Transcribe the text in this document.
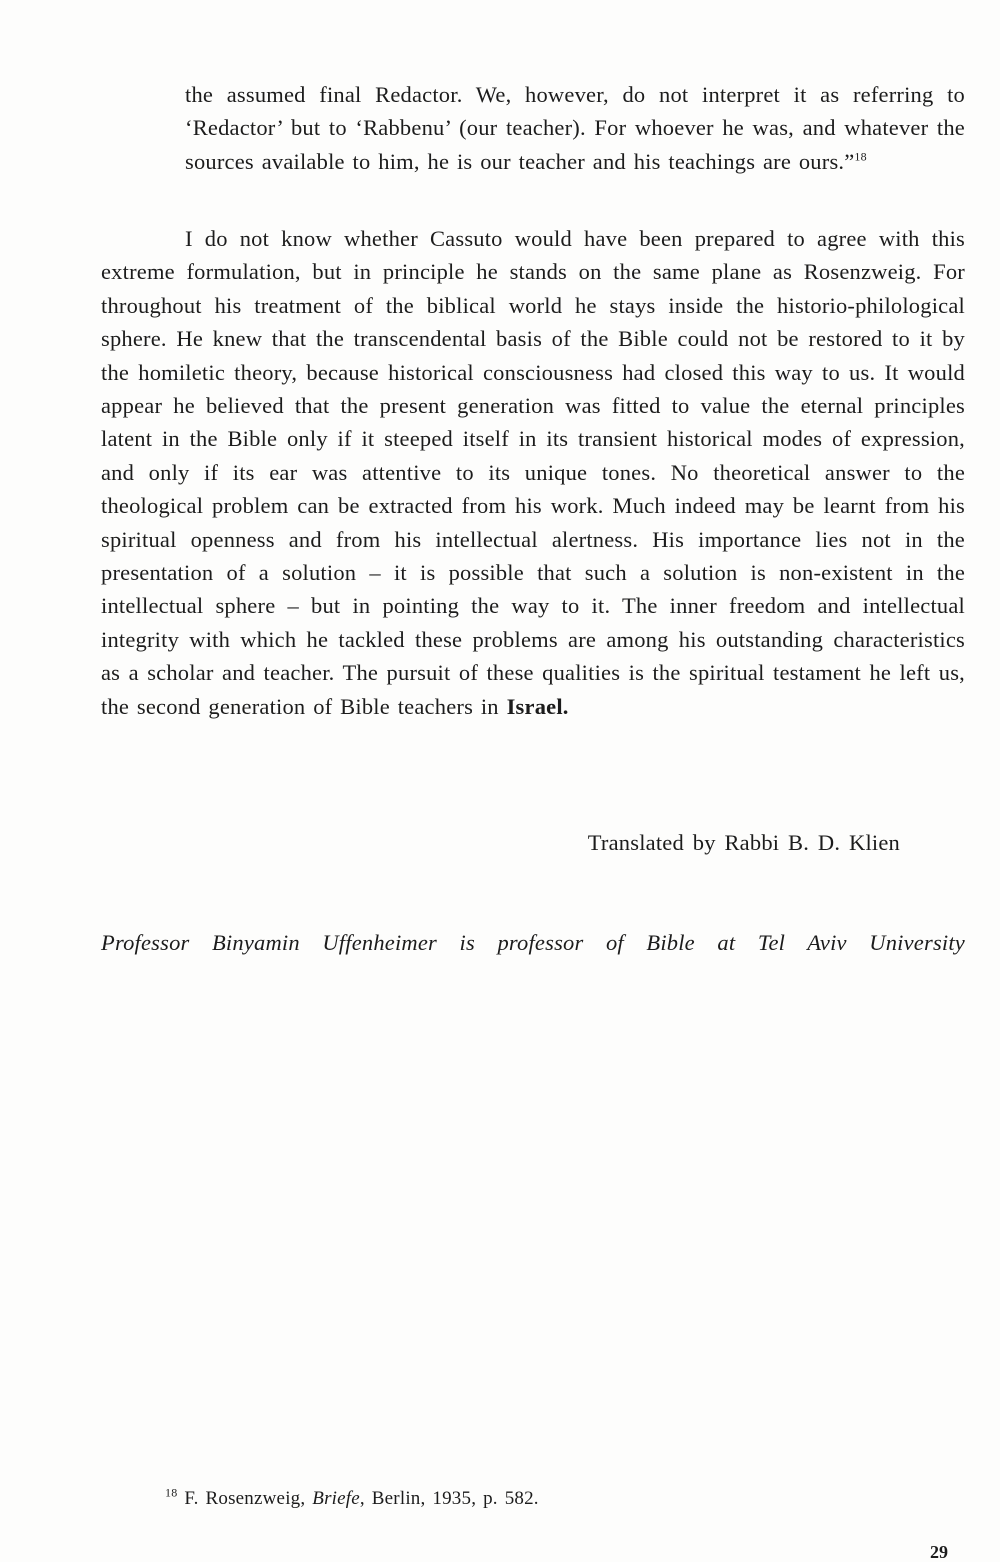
the assumed final Redactor. We, however, do not interpret it as referring to ‘Redactor’ but to ‘Rabbenu’ (our teacher). For whoever he was, and whatever the sources available to him, he is our teacher and his teachings are ours.”$^{18}$

I do not know whether Cassuto would have been prepared to agree with this extreme formulation, but in principle he stands on the same plane as Rosenzweig. For throughout his treatment of the biblical world he stays inside the historio-philological sphere. He knew that the transcendental basis of the Bible could not be restored to it by the homiletic theory, because historical consciousness had closed this way to us. It would appear he believed that the present generation was fitted to value the eternal principles latent in the Bible only if it steeped itself in its transient historical modes of expression, and only if its ear was attentive to its unique tones. No theoretical answer to the theological problem can be extracted from his work. Much indeed may be learnt from his spiritual openness and from his intellectual alertness. His importance lies not in the presentation of a solution – it is possible that such a solution is non-existent in the intellectual sphere – but in pointing the way to it. The inner freedom and intellectual integrity with which he tackled these problems are among his outstanding characteristics as a scholar and teacher. The pursuit of these qualities is the spiritual testament he left us, the second generation of Bible teachers in Israel.

Translated by Rabbi B. D. Klien

Professor Binyamin Uffenheimer is professor of Bible at Tel Aviv University

$^{18}$ F. Rosenzweig, Briefe, Berlin, 1935, p. 582.

29
